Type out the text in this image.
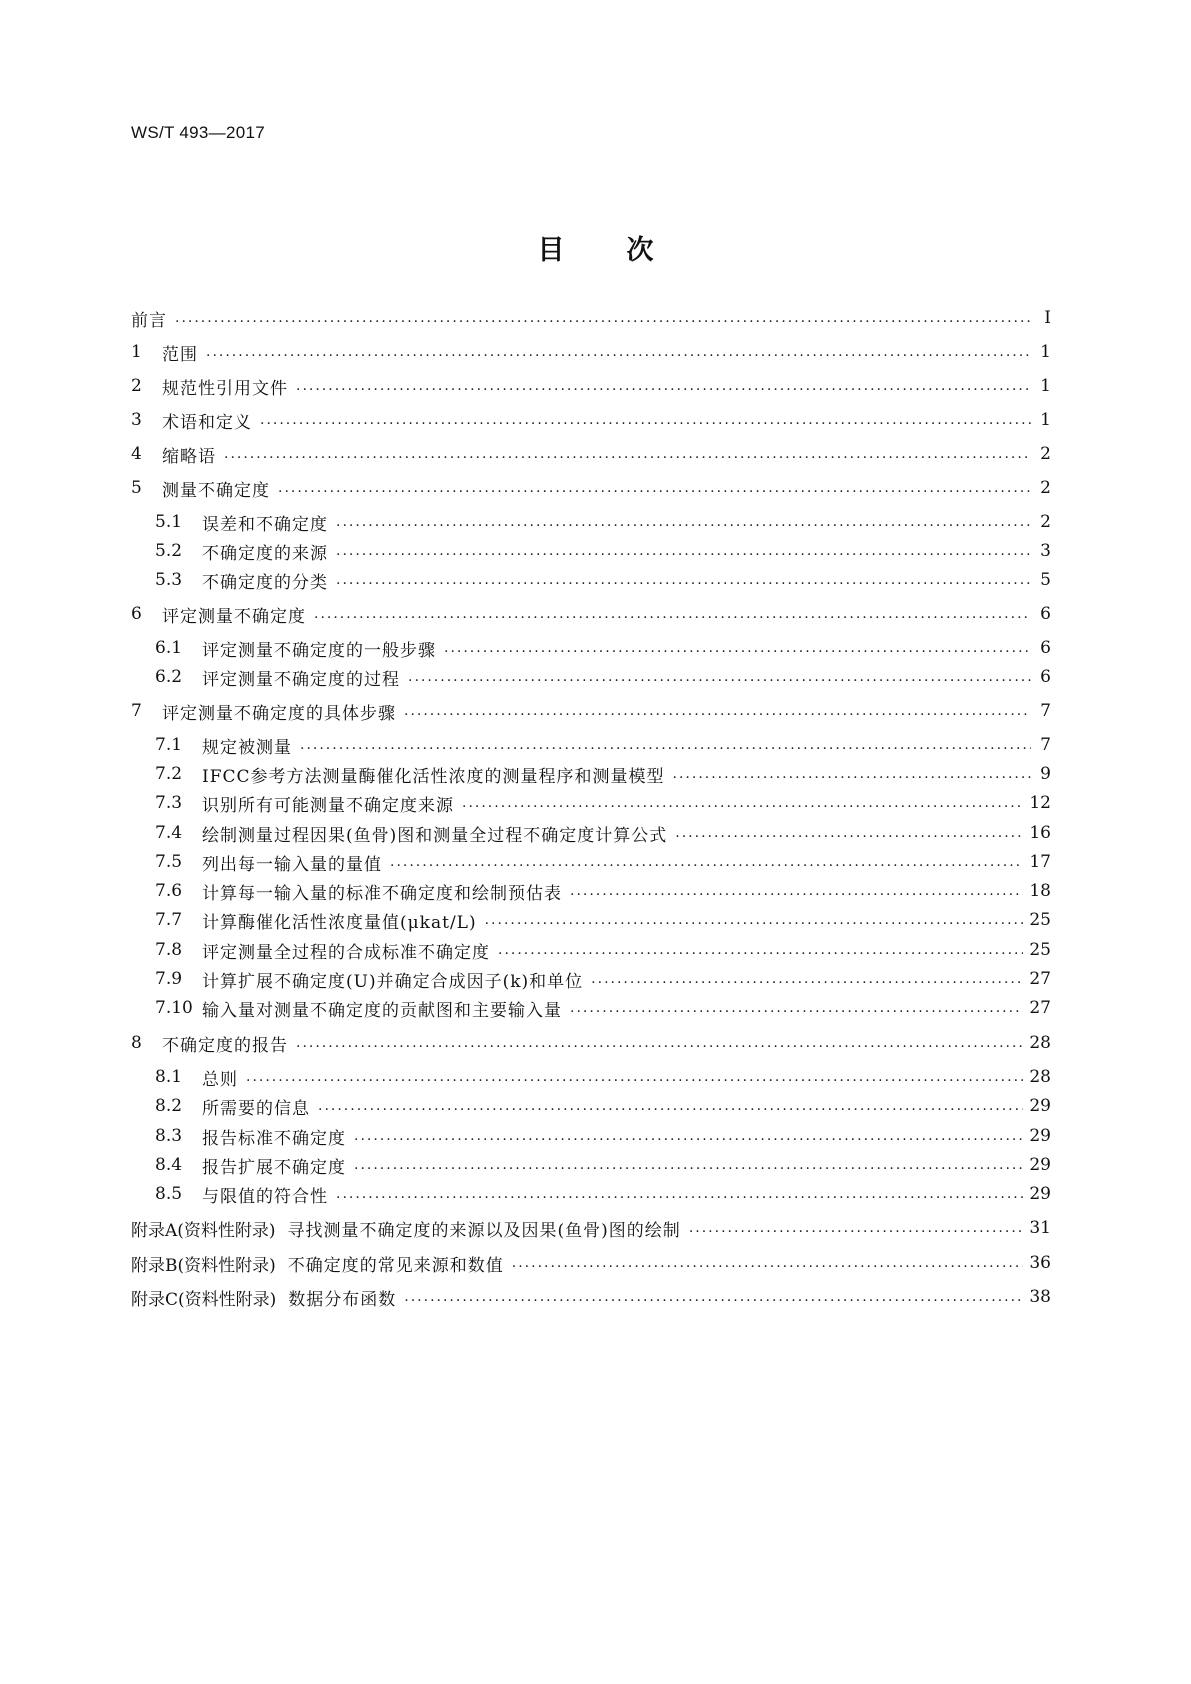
WS/T 493—2017
目次
前言 .....	Ⅰ
1	范围 .....	1
2	规范性引用文件 .....	1
3	术语和定义 .....	1
4	缩略语 .....	2
5	测量不确定度 .....	2
5.1	误差和不确定度 .....	2
5.2	不确定度的来源 .....	3
5.3	不确定度的分类 .....	5
6	评定测量不确定度 .....	6
6.1	评定测量不确定度的一般步骤 .....	6
6.2	评定测量不确定度的过程 .....	6
7	评定测量不确定度的具体步骤 .....	7
7.1	规定被测量 .....	7
7.2	IFCC参考方法测量酶催化活性浓度的测量程序和测量模型 .....	9
7.3	识别所有可能测量不确定度来源 .....	12
7.4	绘制测量过程因果(鱼骨)图和测量全过程不确定度计算公式 .....	16
7.5	列出每一输入量的量值 .....	17
7.6	计算每一输入量的标准不确定度和绘制预估表 .....	18
7.7	计算酶催化活性浓度量值(μkat/L) .....	25
7.8	评定测量全过程的合成标准不确定度 .....	25
7.9	计算扩展不确定度(U)并确定合成因子(k)和单位 .....	27
7.10 输入量对测量不确定度的贡献图和主要输入量 .....	27
8	不确定度的报告 .....	28
8.1	总则 .....	28
8.2	所需要的信息 .....	29
8.3	报告标准不确定度 .....	29
8.4	报告扩展不确定度 .....	29
8.5	与限值的符合性 .....	29
附录A(资料性附录) 寻找测量不确定度的来源以及因果(鱼骨)图的绘制 .....	31
附录B(资料性附录) 不确定度的常见来源和数值 .....	36
附录C(资料性附录) 数据分布函数 .....	38
